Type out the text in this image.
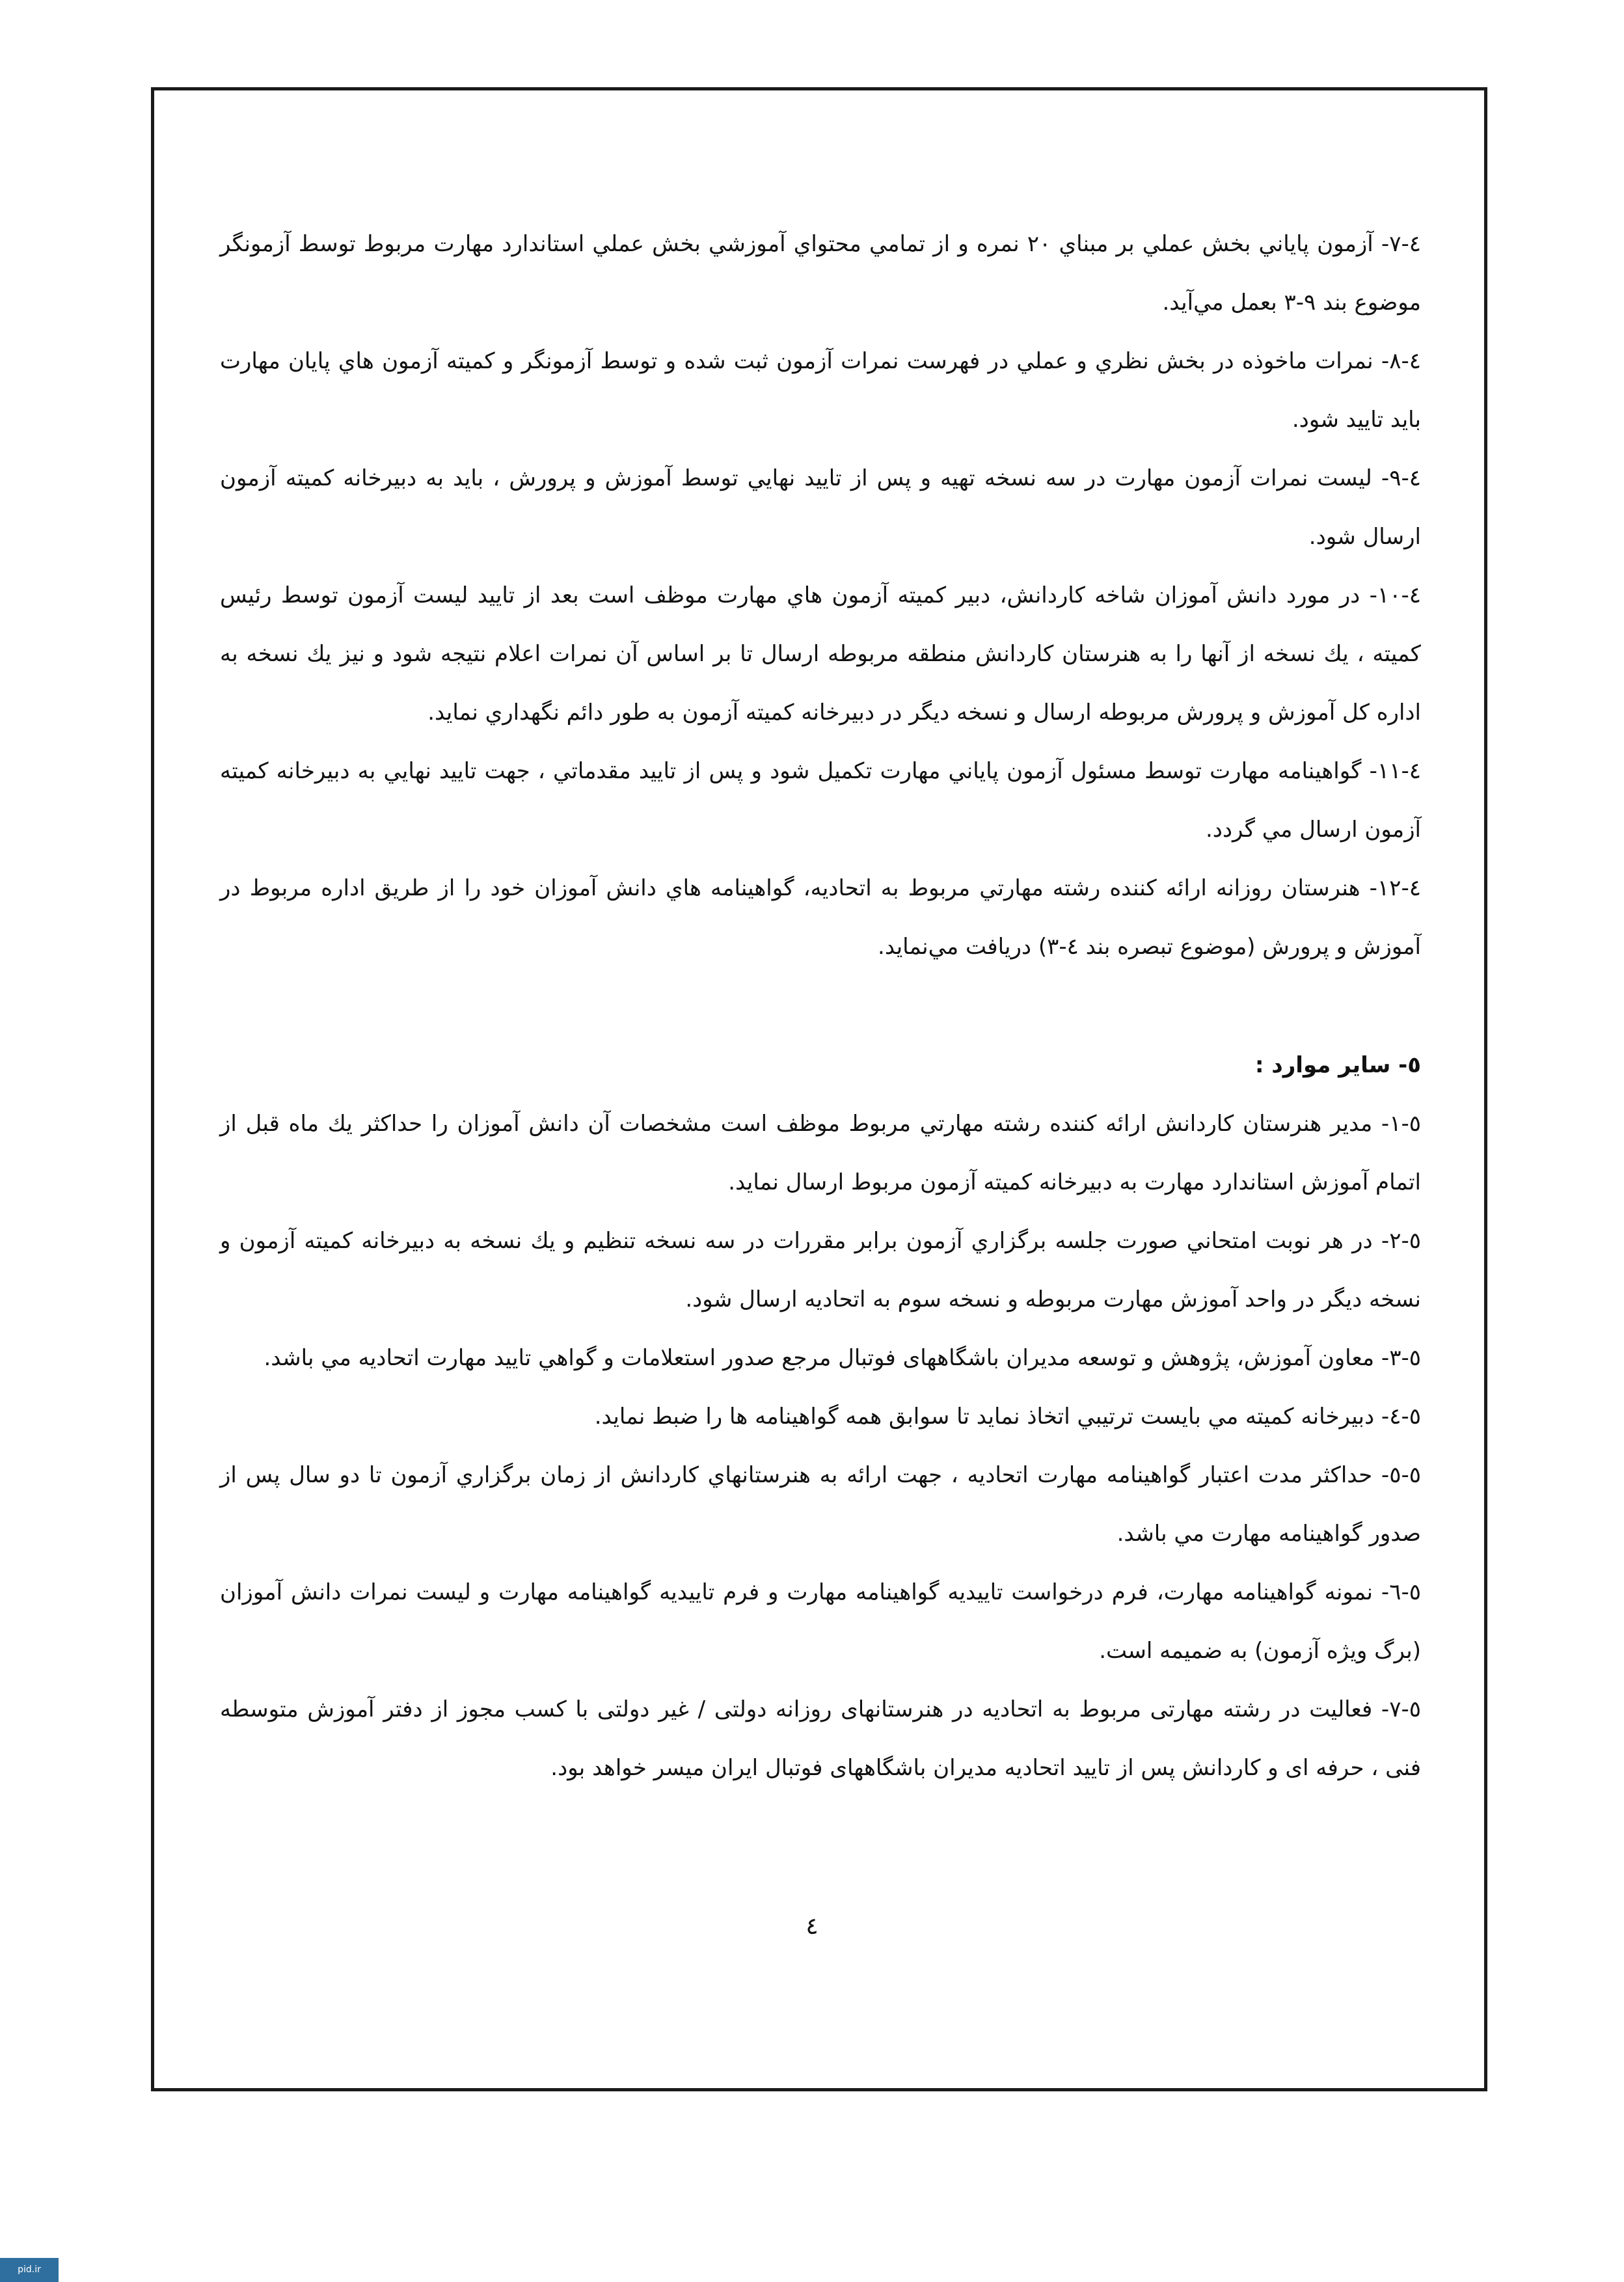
٤-٧- آزمون پاياني بخش عملي بر مبناي ٢٠ نمره و از تمامي محتواي آموزشي بخش عملي استاندارد مهارت مربوط توسط آزمونگر موضوع بند ٩-٣ بعمل مي‌آيد.

٤-٨- نمرات ماخوذه در بخش نظري و عملي در فهرست نمرات آزمون ثبت شده و توسط آزمونگر و كميته آزمون هاي پايان مهارت بايد تاييد شود.

٤-٩- ليست نمرات آزمون مهارت در سه نسخه تهيه و پس از تاييد نهايي توسط آموزش و پرورش ، بايد به دبيرخانه كميته آزمون ارسال شود.

٤-١٠- در مورد دانش آموزان شاخه كاردانش، دبير كميته آزمون هاي مهارت موظف است بعد از تاييد ليست آزمون توسط رئيس كميته ، يك نسخه از آنها را به هنرستان كاردانش منطقه مربوطه ارسال تا بر اساس آن نمرات اعلام نتيجه شود و نيز يك نسخه به اداره كل آموزش و پرورش مربوطه ارسال و نسخه ديگر در دبيرخانه كميته آزمون به طور دائم نگهداري نمايد.

٤-١١- گواهينامه مهارت توسط مسئول آزمون پاياني مهارت تكميل شود و پس از تاييد مقدماتي ، جهت تاييد نهايي به دبيرخانه كميته آزمون ارسال مي گردد.

٤-١٢- هنرستان روزانه ارائه كننده رشته مهارتي مربوط به اتحاديه، گواهينامه هاي دانش آموزان خود را از طريق اداره مربوط در آموزش و پرورش (موضوع تبصره بند ٤-٣) دريافت مي‌نمايد.

٥- ساير موارد :

٥-١- مدير هنرستان كاردانش ارائه كننده رشته مهارتي مربوط موظف است مشخصات آن دانش آموزان را حداكثر يك ماه قبل از اتمام آموزش استاندارد مهارت به دبيرخانه كميته آزمون مربوط ارسال نمايد.

٥-٢- در هر نوبت امتحاني صورت جلسه برگزاري آزمون برابر مقررات در سه نسخه تنظيم و يك نسخه به دبيرخانه كميته آزمون و نسخه ديگر در واحد آموزش مهارت مربوطه و نسخه سوم به اتحاديه ارسال شود.

٥-٣- معاون آموزش، پژوهش و توسعه مديران باشگاههای فوتبال مرجع صدور استعلامات و گواهي تاييد مهارت اتحاديه مي باشد.

٥-٤- دبيرخانه كميته مي بايست ترتيبي اتخاذ نمايد تا سوابق همه گواهينامه ها را ضبط نمايد.

٥-٥- حداكثر مدت اعتبار گواهينامه مهارت اتحاديه ، جهت ارائه به هنرستانهاي كاردانش از زمان برگزاري آزمون تا دو سال پس از صدور گواهينامه مهارت مي باشد.

٥-٦- نمونه گواهينامه مهارت، فرم درخواست تاييديه گواهينامه مهارت و فرم تاييديه گواهينامه مهارت و ليست نمرات دانش آموزان (برگ ويژه آزمون) به ضميمه است.

٥-٧- فعاليت در رشته مهارتی مربوط به اتحاديه در هنرستانهای روزانه دولتی / غير دولتی با كسب مجوز از دفتر آموزش متوسطه فنی ، حرفه ای و كاردانش پس از تاييد اتحاديه مديران باشگاههای فوتبال ايران ميسر خواهد بود.

٤
pid.ir
